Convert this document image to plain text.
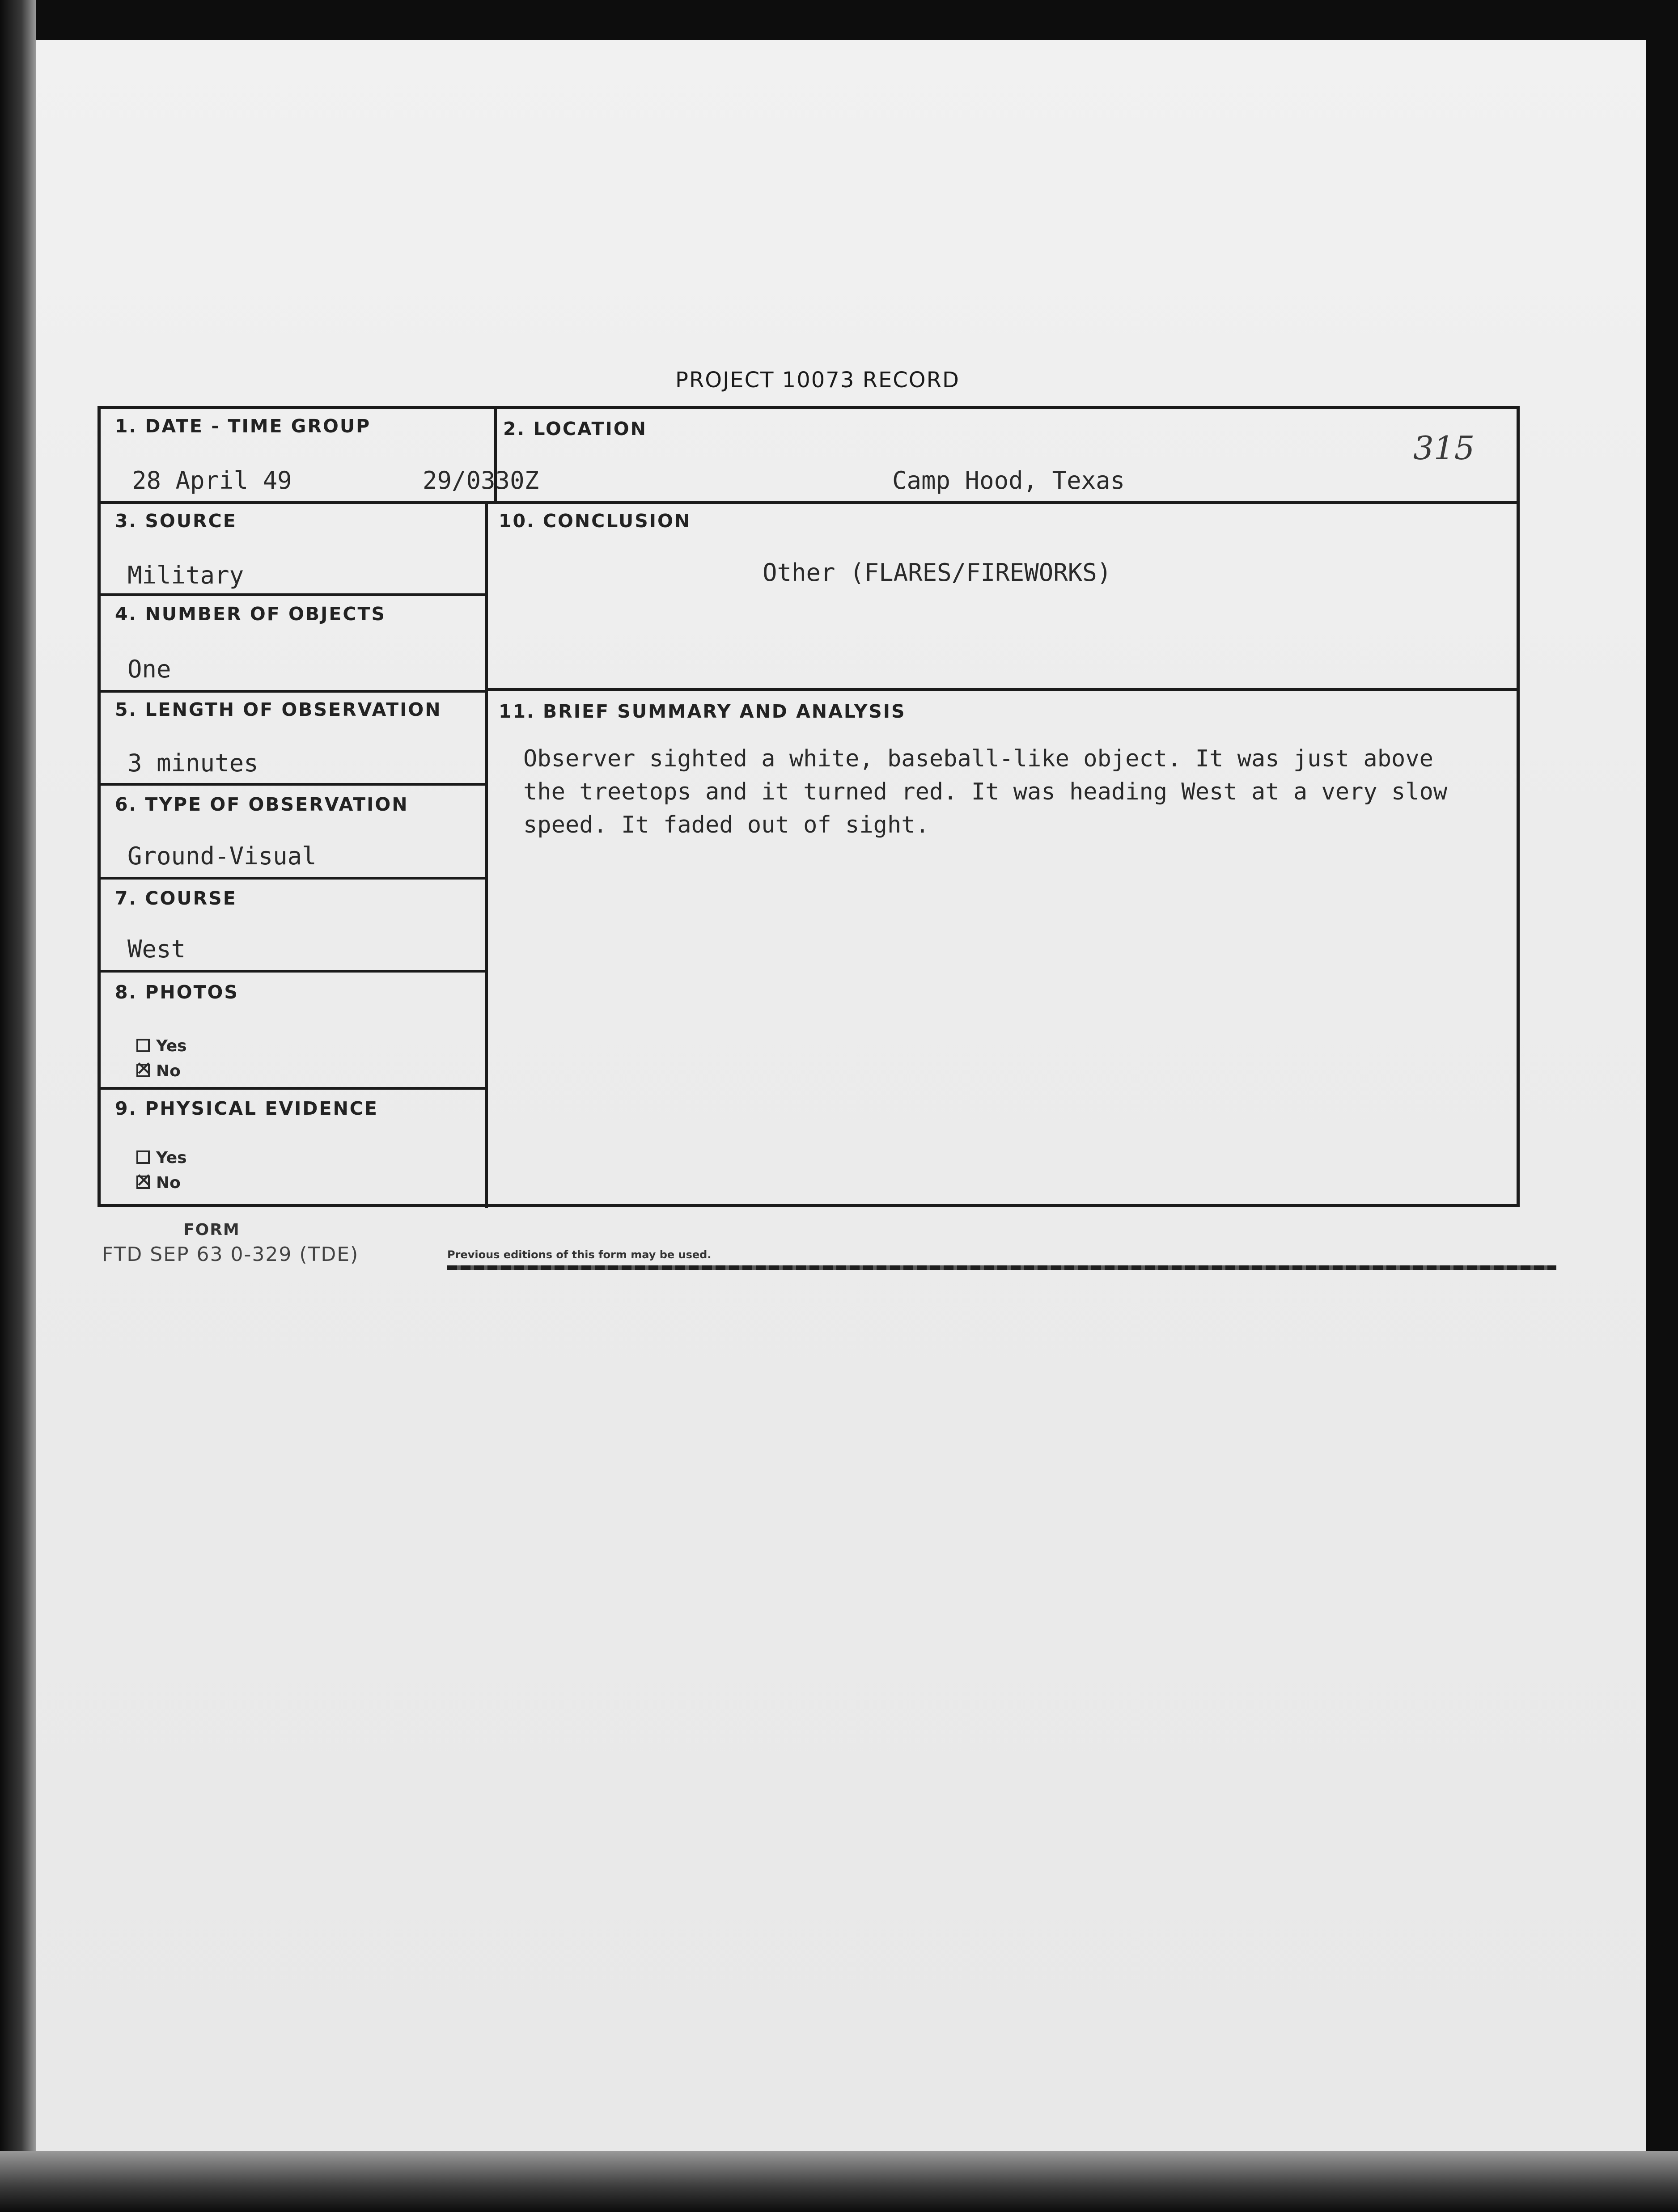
PROJECT 10073 RECORD
315
1. DATE - TIME GROUP
28 April 49	29/0330Z
2. LOCATION
Camp Hood, Texas
3. SOURCE
Military
10. CONCLUSION
Other (FLARES/FIREWORKS)
4. NUMBER OF OBJECTS
One
5. LENGTH OF OBSERVATION
3 minutes
11. BRIEF SUMMARY AND ANALYSIS
6. TYPE OF OBSERVATION
Ground-Visual
7. COURSE
West
8. PHOTOS
Yes
✕No
9. PHYSICAL EVIDENCE
Yes
✕No
Observer sighted a white, baseball-like object. It was just above the treetops and it turned red. It was heading West at a very slow speed. It faded out of sight.
FORM
FTD SEP 63 0-329 (TDE)	Previous editions of this form may be used.
